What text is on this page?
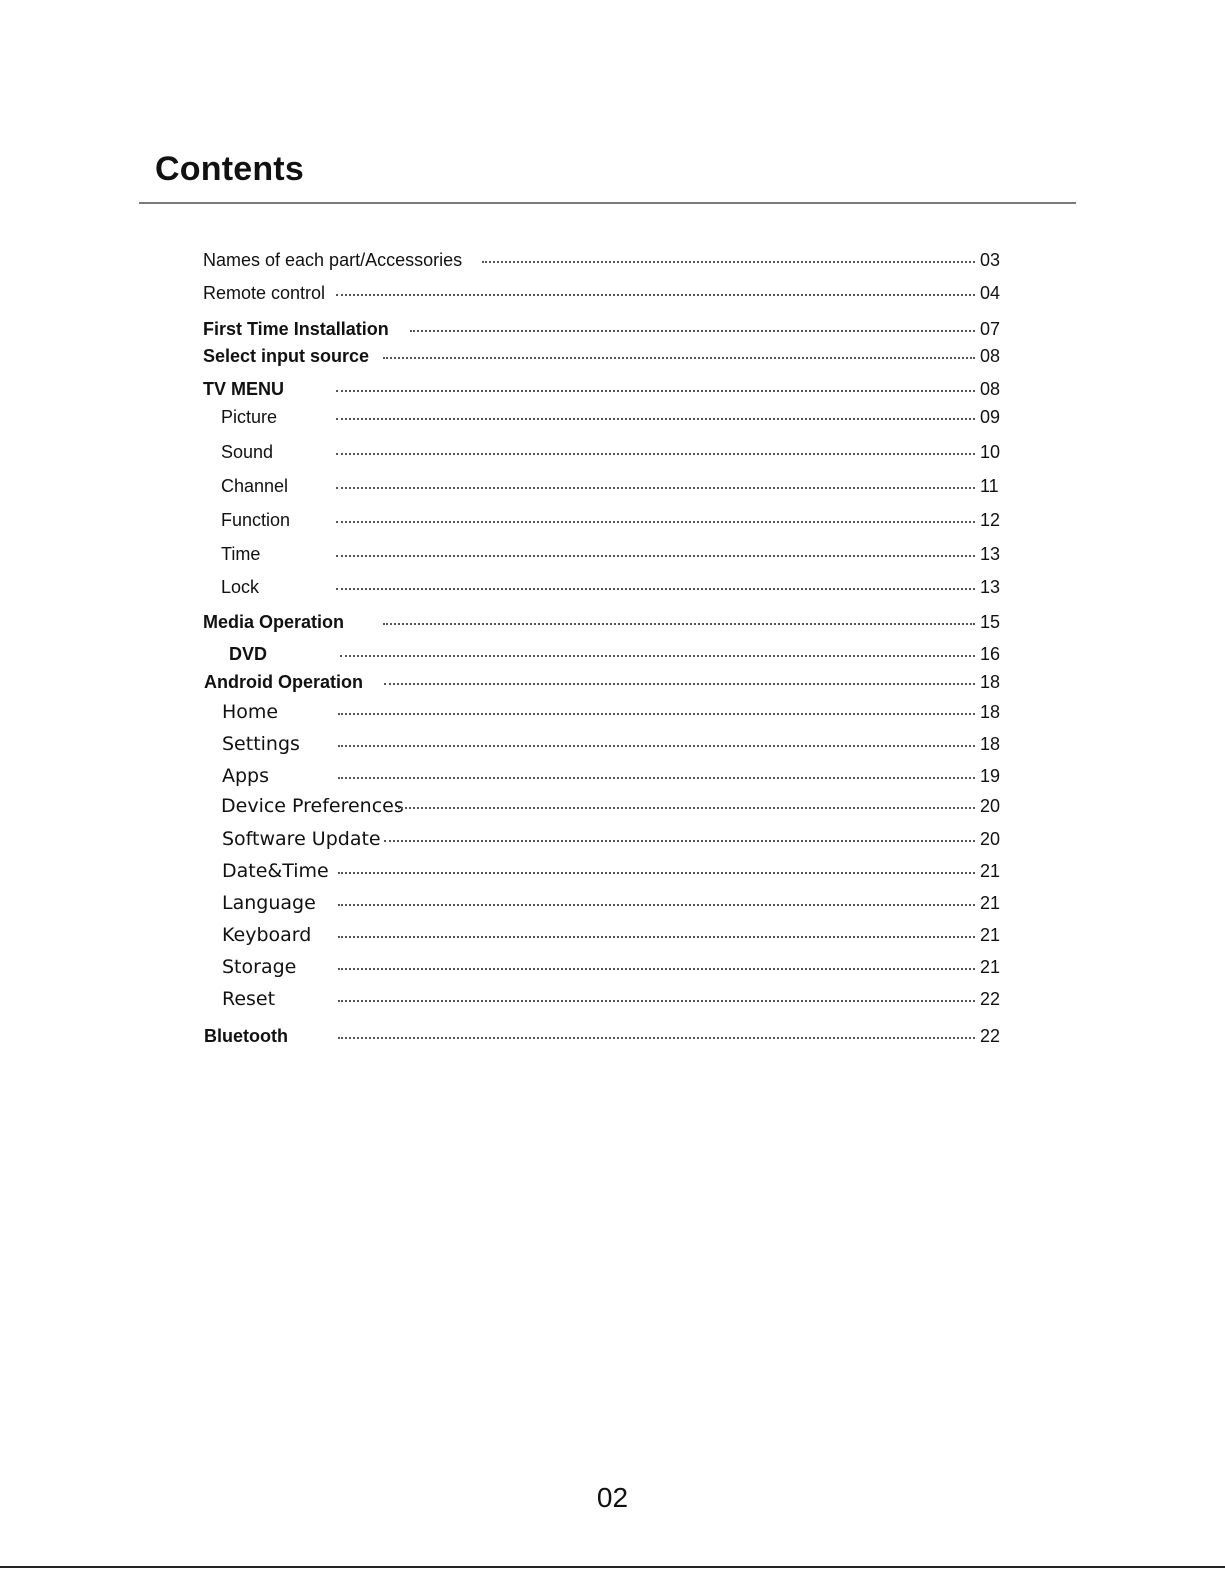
Contents
Names of each part/Accessories	03
Remote control	04
First Time Installation	07
Select input source	08
TV MENU	08
Picture	09
Sound	10
Channel	11
Function	12
Time	13
Lock	13
Media Operation	15
DVD	16
Android Operation	18
Home	18
Settings	18
Apps	19
Device Preferences	20
Software Update	20
Date&Time	21
Language	21
Keyboard	21
Storage	21
Reset	22
Bluetooth	22
02
